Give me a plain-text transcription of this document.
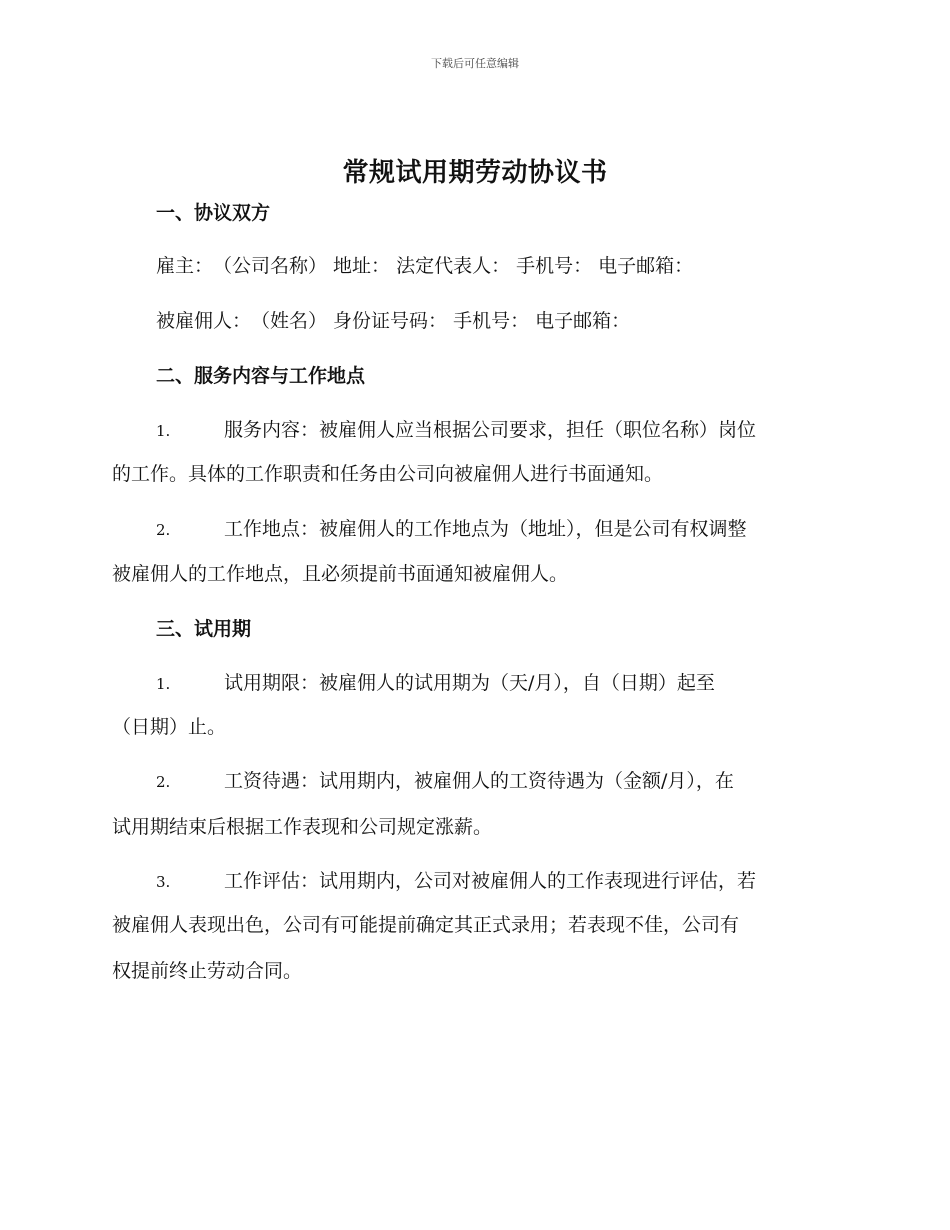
下载后可任意编辑
常规试用期劳动协议书
一、协议双方
雇主：　（公司名称） 地址： 法定代表人： 手机号： 电子邮箱：
被雇佣人：　（姓名） 身份证号码： 手机号： 电子邮箱：
二、服务内容与工作地点
1.	服务内容：被雇佣人应当根据公司要求，担任（职位名称）岗位
的工作。具体的工作职责和任务由公司向被雇佣人进行书面通知。
2.	工作地点：被雇佣人的工作地点为（地址），但是公司有权调整
被雇佣人的工作地点，且必须提前书面通知被雇佣人。
三、试用期
1.	试用期限：被雇佣人的试用期为（天/月），自（日期）起至
（日期）止。
2.	工资待遇：试用期内，被雇佣人的工资待遇为（金额/月），在
试用期结束后根据工作表现和公司规定涨薪。
3.	工作评估：试用期内，公司对被雇佣人的工作表现进行评估，若
被雇佣人表现出色，公司有可能提前确定其正式录用；若表现不佳，公司有
权提前终止劳动合同。
